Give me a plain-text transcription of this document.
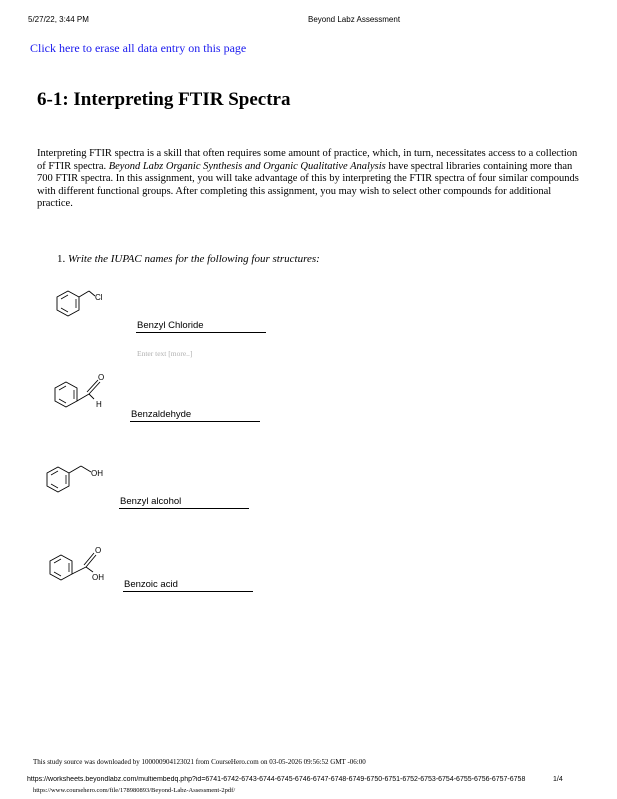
5/27/22, 3:44 PM	Beyond Labz Assessment
Click here to erase all data entry on this page
6-1: Interpreting FTIR Spectra

Interpreting FTIR spectra is a skill that often requires some amount of practice, which, in turn, necessitates access to a collection of FTIR spectra. Beyond Labz Organic Synthesis and Organic Qualitative Analysis have spectral libraries containing more than 700 FTIR spectra. In this assignment, you will take advantage of this by interpreting the FTIR spectra of four similar compounds with different functional groups. After completing this assignment, you may wish to select other compounds for additional practice.

1. Write the IUPAC names for the following four structures:
Cl
Benzyl Chloride
Enter text [more..]
O
H
Benzaldehyde
OH
Benzyl alcohol
O
OH
Benzoic acid
This study source was downloaded by 100000904123021 from CourseHero.com on 03-05-2026 09:56:52 GMT -06:00
https://worksheets.beyondlabz.com/multiembedq.php?id=6741-6742-6743-6744-6745-6746-6747-6748-6749-6750-6751-6752-6753-6754-6755-6756-6757-6758	1/4
https://www.coursehero.com/file/178980893/Beyond-Labz-Assessment-2pdf/
